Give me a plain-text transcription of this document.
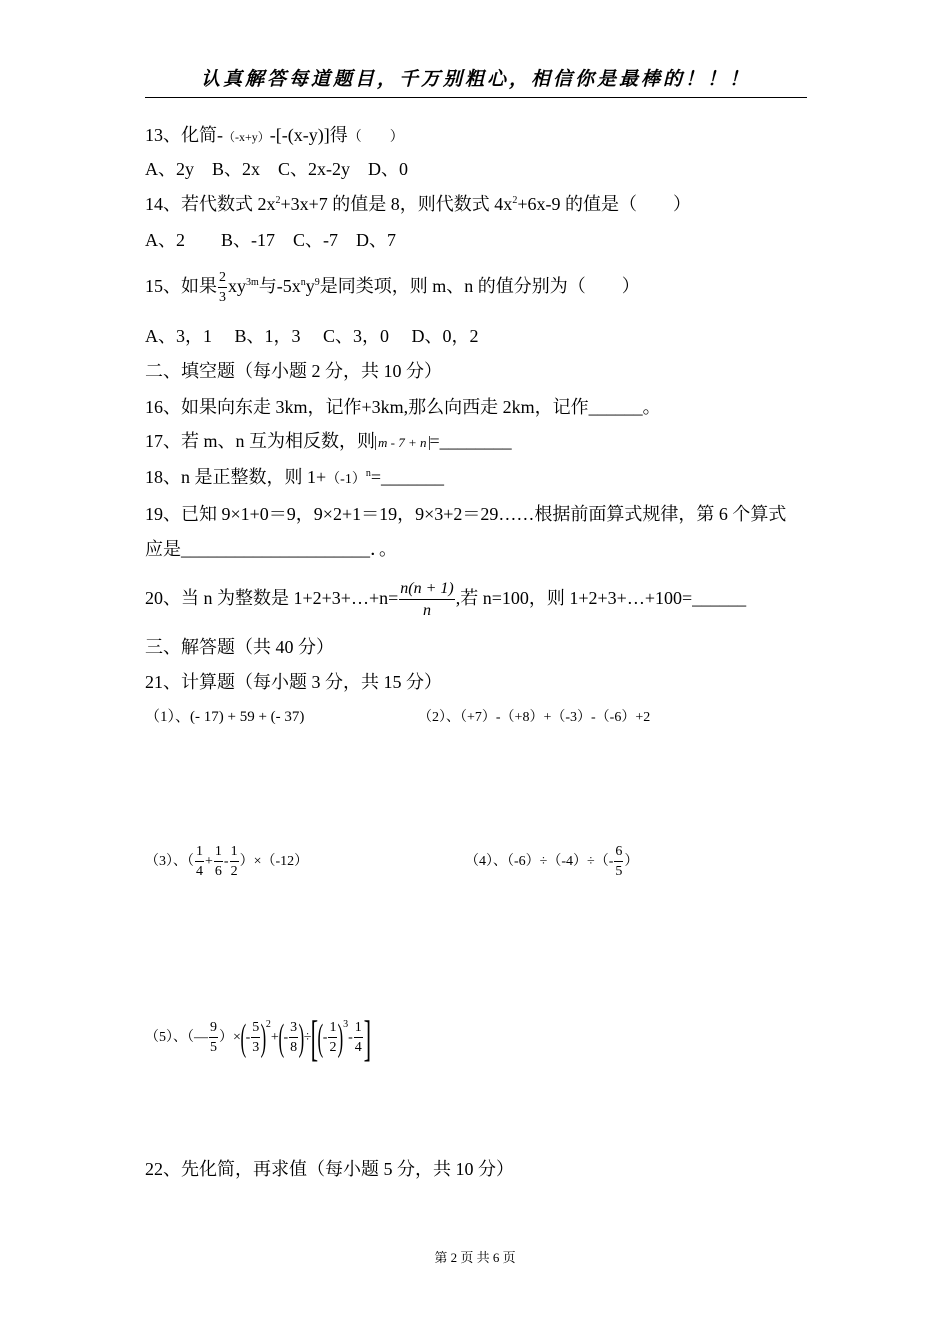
认真解答每道题目，千万别粗心，相信你是最棒的！！！
13、化简-（-x+y）-[-(x-y)]得（　　）
A、2y　B、2x　C、2x-2y　D、0
14、若代数式 $2x^2+3x+7$ 的值是 8，则代数式 $4x^2+6x-9$ 的值是（　　）
A、2　　B、-17　C、-7　D、7
15、如果 $\frac{2}{3} xy^{3m}$与$-5x^ny^9$是同类项，则 m、n 的值分别为（　　）
A、3，1　 B、1，3　 C、3，0　 D、0，2
二、填空题（每小题 2 分，共 10 分）
16、如果向东走 3km，记作+3km,那么向西走 2km，记作______。
17、若 m、n 互为相反数，则 m - 7 + n =________
18、n 是正整数，则 $1+(-1)^n=\_\_\_\_\_\_\_$
19、已知 9×1+0＝9，9×2+1＝19，9×3+2＝29……根据前面算式规律，第 6 个算式
应是_____________________．。
20、当 n 为整数是 1+2+3+…+n= $\frac{n(n + 1)}{n}$ ,若 n=100，则 1+2+3+…+100=______
三、解答题（共 40 分）
21、计算题（每小题 3 分，共 15 分）
（1）、(- 17) + 59 + (- 37)	（2）、（+7）-（+8）+（-3）-（-6）+2
（3）、（ $\frac{1}{4} + \frac{1}{6} - \frac{1}{2} )\times(-12)$	（4）、$(-6)\div(-4)\div(- \frac{6}{5}$ ）
（5）、（— $\frac{9}{5}$ ）×(- $\frac{5}{3} )^2+(- \frac{3}{8}$ )÷[(- $\frac{1}{2} )^3- \frac{1}{4}$ ]
22、先化简，再求值（每小题 5 分，共 10 分）
第 2 页 共 6 页
